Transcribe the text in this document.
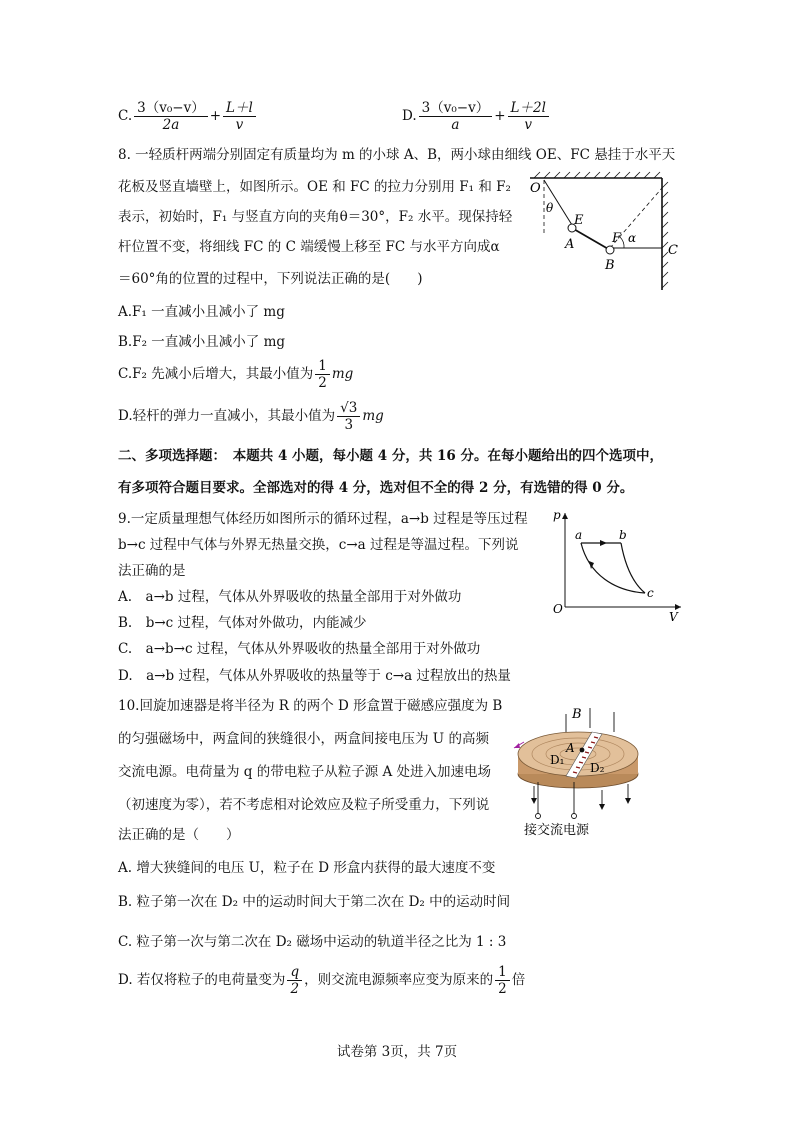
C. $\frac{\text{3（v₀−v）}}{2a} + \frac{L+l}{v}$	D. $\frac{\text{3（v₀−v）}}{a} + \frac{L+2l}{v}$
8. 一轻质杆两端分别固定有质量均为 m 的小球 A、B，两小球由细线 OE、FC 悬挂于水平天
花板及竖直墙壁上，如图所示。OE 和 FC 的拉力分别用 F₁ 和 F₂
表示，初始时，F₁ 与竖直方向的夹角θ＝30°，F₂ 水平。现保持轻
杆位置不变，将细线 FC 的 C 端缓慢上移至 FC 与水平方向成α
＝60°角的位置的过程中，下列说法正确的是(　　)
A.F₁ 一直减小且减小了 mg
B.F₂ 一直减小且减小了 mg
C.F₂ 先减小后增大，其最小值为 $\frac{1}{2}$ mg
D.轻杆的弹力一直减小，其最小值为 $\frac{√3}{3}$ mg
O
θ
E
A	F α
B
C
二、多项选择题：　本题共 4 小题，每小题 4 分，共 16 分。在每小题给出的四个选项中，
有多项符合题目要求。全部选对的得 4 分，选对但不全的得 2 分，有选错的得 0 分。
9.一定质量理想气体经历如图所示的循环过程，a→b 过程是等压过程
b→c 过程中气体与外界无热量交换，c→a 过程是等温过程。下列说
法正确的是
A.　a→b 过程，气体从外界吸收的热量全部用于对外做功
B.　b→c 过程，气体对外做功，内能减少
C.　a→b→c 过程，气体从外界吸收的热量全部用于对外做功
D.　a→b 过程，气体从外界吸收的热量等于 c→a 过程放出的热量
p
V
O
a	b
c
10.回旋加速器是将半径为 R 的两个 D 形盒置于磁感应强度为 B
的匀强磁场中，两盒间的狭缝很小，两盒间接电压为 U 的高频
交流电源。电荷量为 q 的带电粒子从粒子源 A 处进入加速电场
（初速度为零），若不考虑相对论效应及粒子所受重力，下列说
法正确的是（　　）
A. 增大狭缝间的电压 U，粒子在 D 形盒内获得的最大速度不变
B. 粒子第一次在 D₂ 中的运动时间大于第二次在 D₂ 中的运动时间
C. 粒子第一次与第二次在 D₂ 磁场中运动的轨道半径之比为 1 : 3
D. 若仅将粒子的电荷量变为 $\frac{q}{2}$ ，则交流电源频率应变为原来的 $\frac{1}{2}$ 倍
B
A
D₁
D₂
接交流电源
试卷第 3页，共 7页
